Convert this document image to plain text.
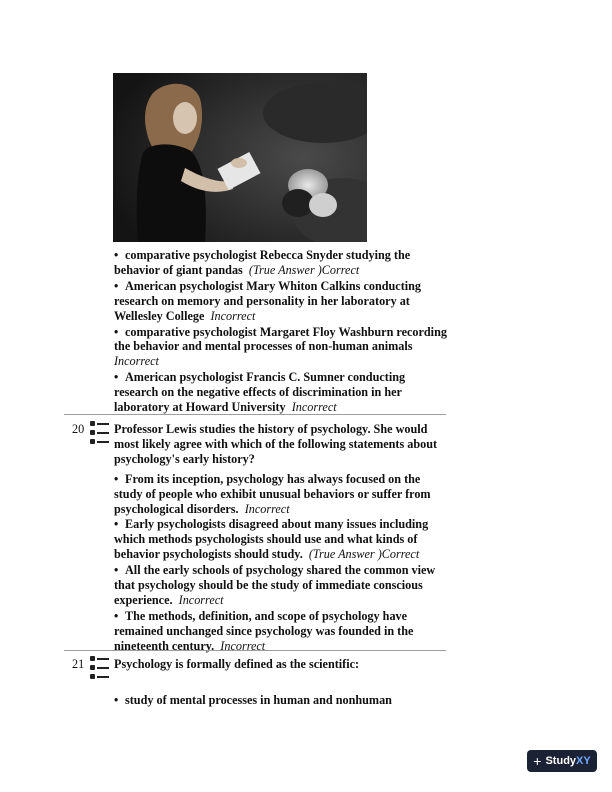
• comparative psychologist Rebecca Snyder studying the behavior of giant pandas (True Answer )Correct

• American psychologist Mary Whiton Calkins conducting research on memory and personality in her laboratory at Wellesley College Incorrect

• comparative psychologist Margaret Floy Washburn recording the behavior and mental processes of non-human animals  Incorrect

• American psychologist Francis C. Sumner conducting research on the negative effects of discrimination in her laboratory at Howard University Incorrect

20 Professor Lewis studies the history of psychology. She would most likely agree with which of the following statements about psychology's early history?

• From its inception, psychology has always focused on the study of people who exhibit unusual behaviors or suffer from psychological disorders. Incorrect

• Early psychologists disagreed about many issues including which methods psychologists should use and what kinds of behavior psychologists should study. (True Answer )Correct

• All the early schools of psychology shared the common view that psychology should be the study of immediate conscious experience. Incorrect

• The methods, definition, and scope of psychology have remained unchanged since psychology was founded in the nineteenth century. Incorrect

21 Psychology is formally defined as the scientific:

• study of mental processes in human and nonhuman

+ Study XY
